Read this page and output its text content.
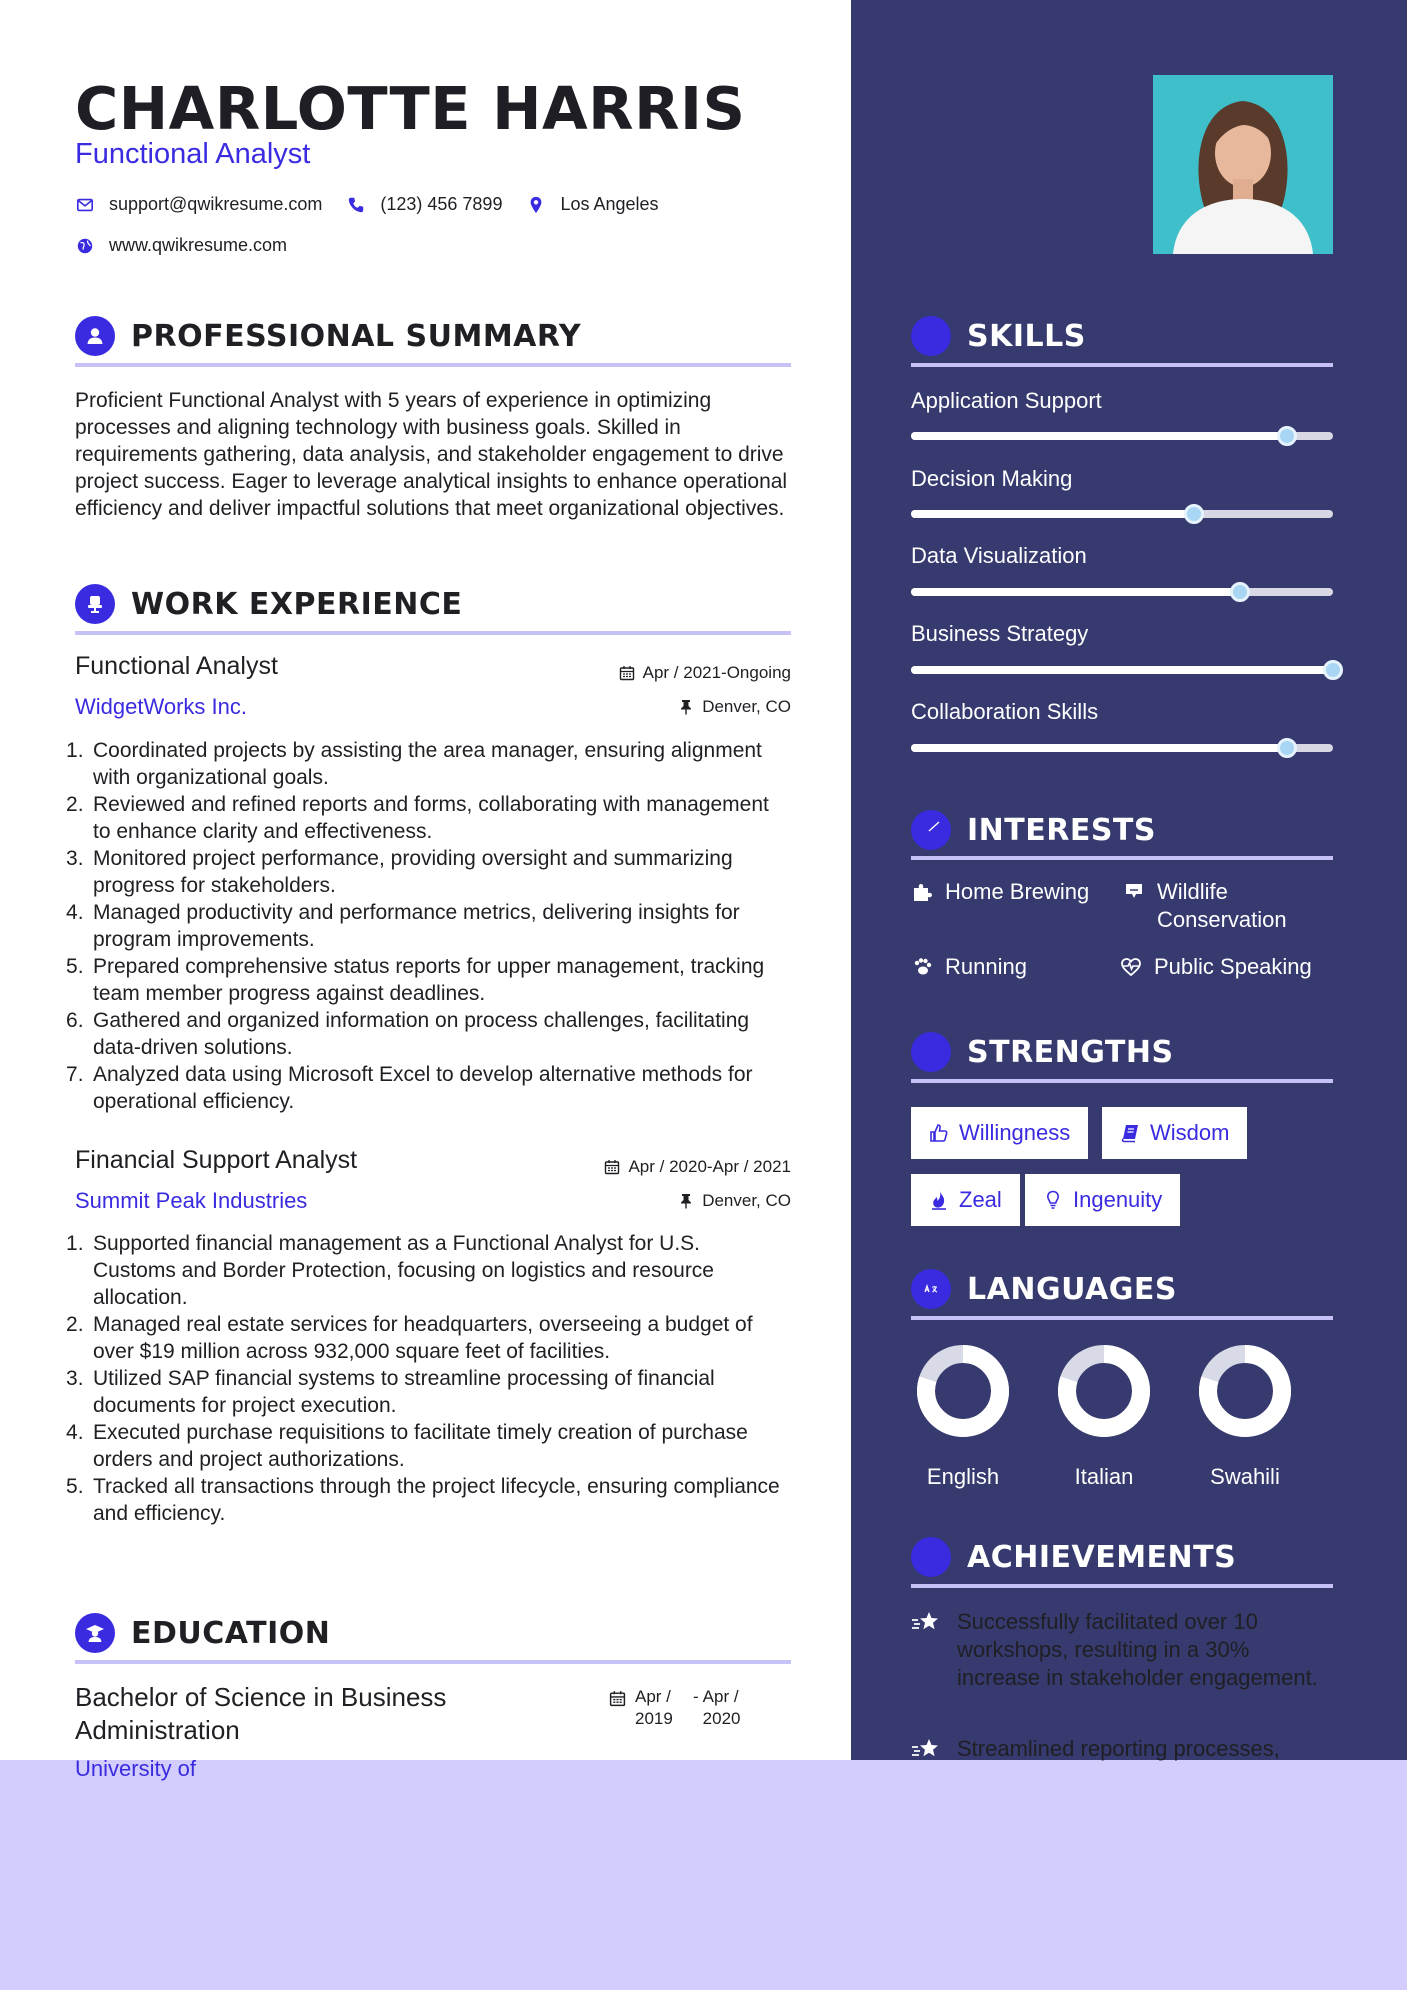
CHARLOTTE HARRIS
Functional Analyst
support@qwikresume.com	(123) 456 7899	Los Angeles
www.qwikresume.com
PROFESSIONAL SUMMARY
Proficient Functional Analyst with 5 years of experience in optimizing processes and aligning technology with business goals. Skilled in requirements gathering, data analysis, and stakeholder engagement to drive project success. Eager to leverage analytical insights to enhance operational efficiency and deliver impactful solutions that meet organizational objectives.
WORK EXPERIENCE
Functional Analyst	Apr / 2021-Ongoing
WidgetWorks Inc.	Denver, CO
Coordinated projects by assisting the area manager, ensuring alignment with organizational goals.
Reviewed and refined reports and forms, collaborating with management to enhance clarity and effectiveness.
Monitored project performance, providing oversight and summarizing progress for stakeholders.
Managed productivity and performance metrics, delivering insights for program improvements.
Prepared comprehensive status reports for upper management, tracking team member progress against deadlines.
Gathered and organized information on process challenges, facilitating data-driven solutions.
Analyzed data using Microsoft Excel to develop alternative methods for operational efficiency.
Financial Support Analyst	Apr / 2020-Apr / 2021
Summit Peak Industries	Denver, CO
Supported financial management as a Functional Analyst for U.S. Customs and Border Protection, focusing on logistics and resource allocation.
Managed real estate services for headquarters, overseeing a budget of over $19 million across 932,000 square feet of facilities.
Utilized SAP financial systems to streamline processing of financial documents for project execution.
Executed purchase requisitions to facilitate timely creation of purchase orders and project authorizations.
Tracked all transactions through the project lifecycle, ensuring compliance and efficiency.
EDUCATION
Bachelor of Science in Business Administration
Apr / 2019
- Apr / 2020
University of
SKILLS
Application Support
Decision Making
Data Visualization
Business Strategy
Collaboration Skills
INTERESTS
Home Brewing	Wildlife Conservation
Running	Public Speaking
STRENGTHS
Willingness	Wisdom
Zeal	Ingenuity
LANGUAGES
English	Italian	Swahili
ACHIEVEMENTS
Successfully facilitated over 10 workshops, resulting in a 30% increase in stakeholder engagement.
Streamlined reporting processes,
